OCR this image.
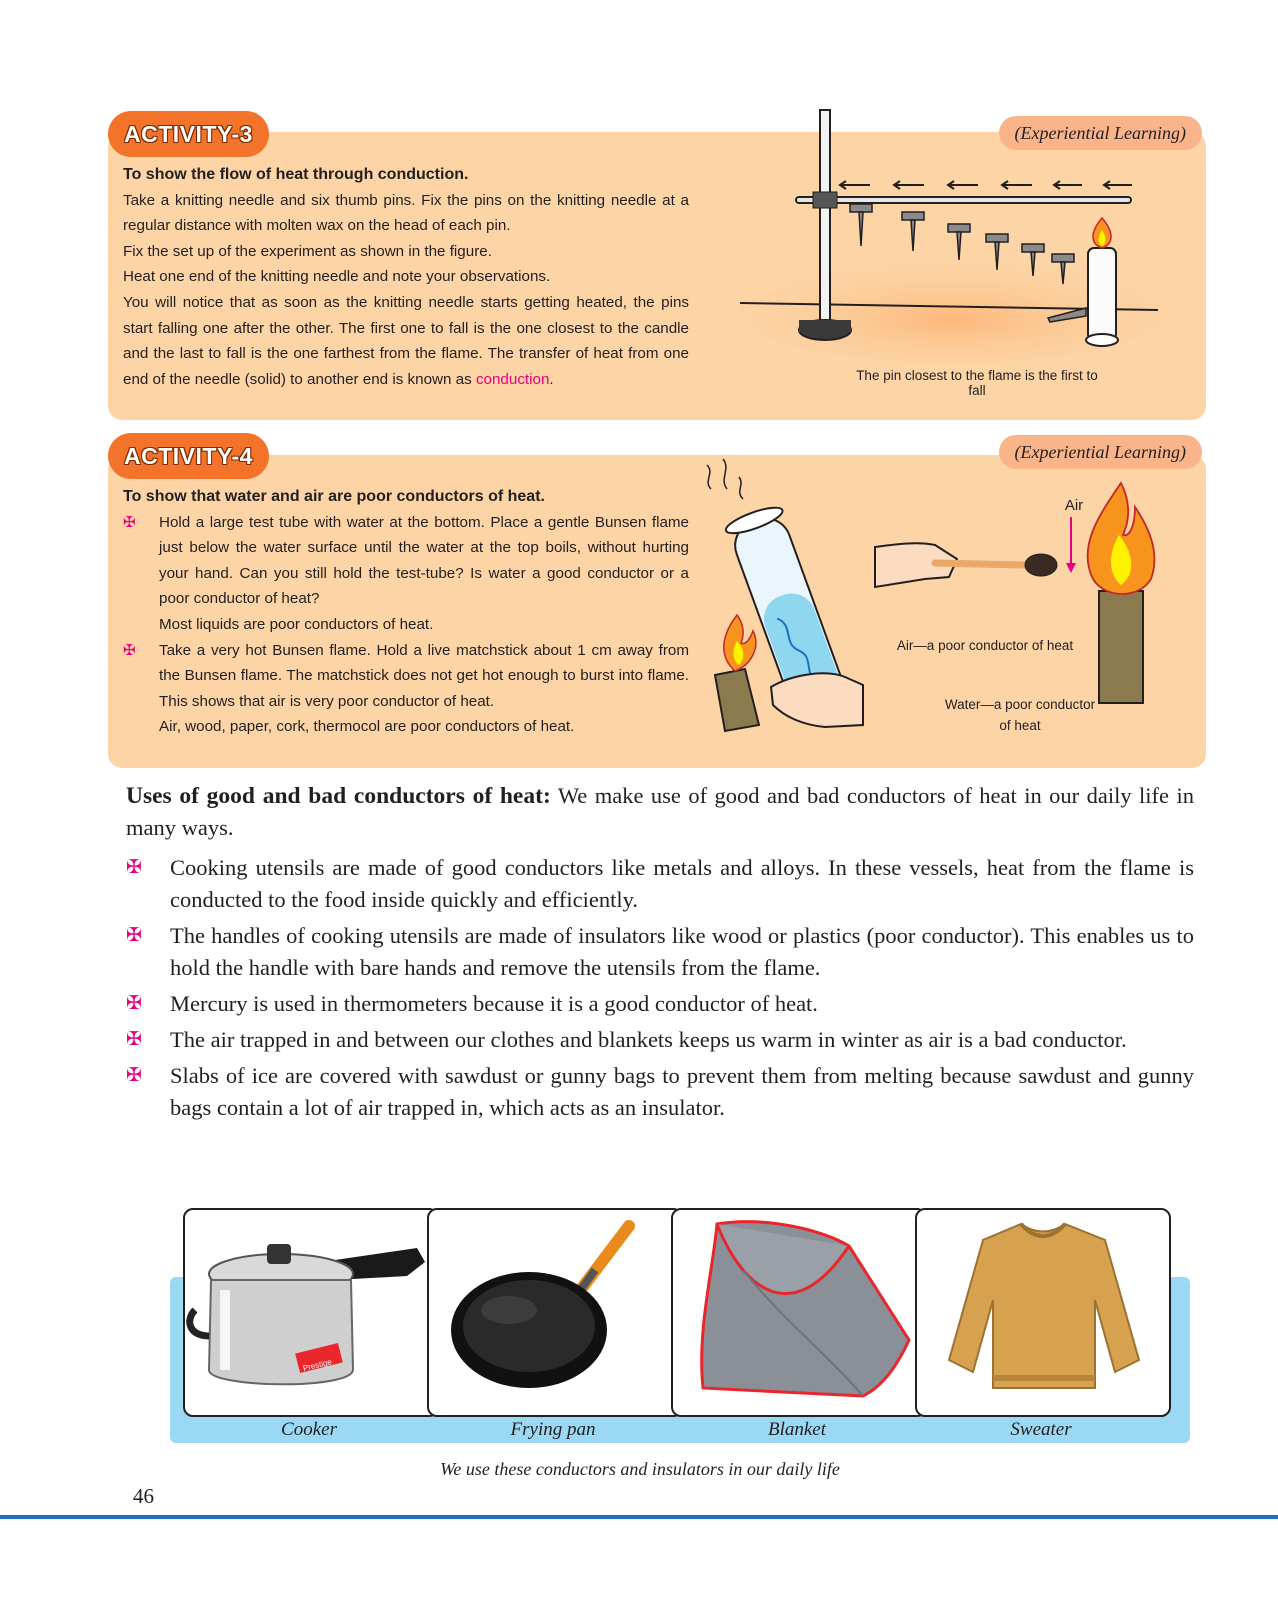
ACTIVITY-3	(Experiential Learning)

To show the flow of heat through conduction.

Take a knitting needle and six thumb pins. Fix the pins on the knitting needle at a regular distance with molten wax on the head of each pin.

Fix the set up of the experiment as shown in the figure.

Heat one end of the knitting needle and note your observations.

You will notice that as soon as the knitting needle starts getting heated, the pins start falling one after the other. The first one to fall is the one closest to the candle and the last to fall is the one farthest from the flame. The transfer of heat from one end of the needle (solid) to another end is known as conduction.	The pin closest to the flame is the first to fall
ACTIVITY-4	(Experiential Learning)

To show that water and air are poor conductors of heat.

✠	Hold a large test tube with water at the bottom. Place a gentle Bunsen flame just below the water surface until the water at the top boils, without hurting your hand. Can you still hold the test-tube? Is water a good conductor or a poor conductor of heat?

Most liquids are poor conductors of heat.

✠	Take a very hot Bunsen flame. Hold a live matchstick about 1 cm away from the Bunsen flame. The matchstick does not get hot enough to burst into flame. This shows that air is very poor conductor of heat.

Air, wood, paper, cork, thermocol are poor conductors of heat.

Air
Air—a poor conductor of heat
Water—a poor conductor
of heat

Uses of good and bad conductors of heat: We make use of good and bad conductors of heat in our daily life in many ways.

✠	Cooking utensils are made of good conductors like metals and alloys. In these vessels, heat from the flame is conducted to the food inside quickly and efficiently.

✠	The handles of cooking utensils are made of insulators like wood or plastics (poor conductor). This enables us to hold the handle with bare hands and remove the utensils from the flame.

✠	Mercury is used in thermometers because it is a good conductor of heat.

✠	The air trapped in and between our clothes and blankets keeps us warm in winter as air is a bad conductor.

✠	Slabs of ice are covered with sawdust or gunny bags to prevent them from melting because sawdust and gunny bags contain a lot of air trapped in, which acts as an insulator.

Prestige
Cooker	Frying pan	Blanket	Sweater
We use these conductors and insulators in our daily life
46
